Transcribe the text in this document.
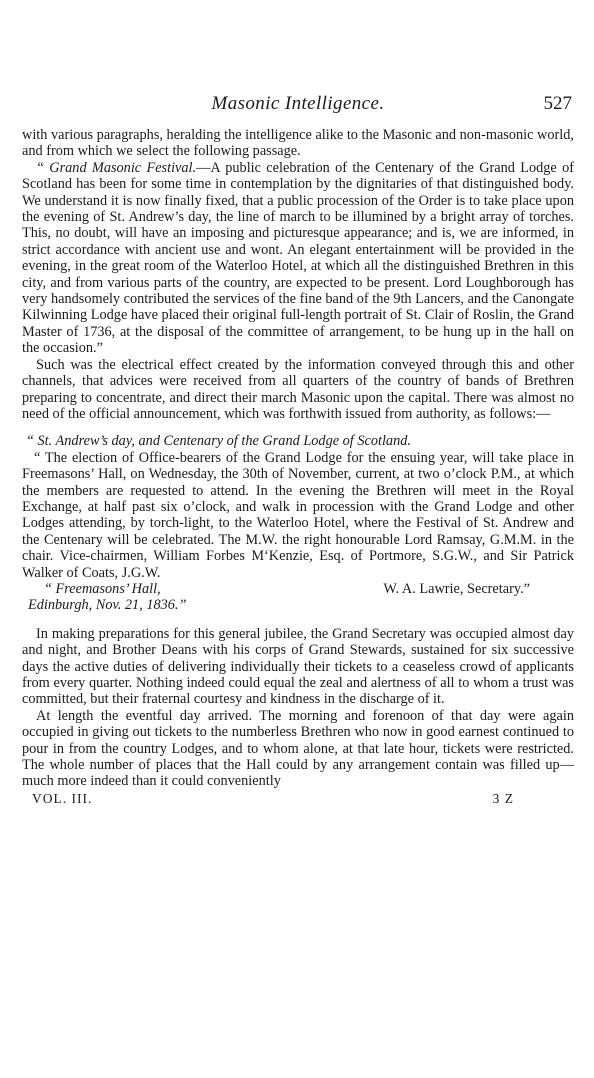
Masonic Intelligence.	527

with various paragraphs, heralding the intelligence alike to the Masonic and non-masonic world, and from which we select the following passage.

“ Grand Masonic Festival.—A public celebration of the Centenary of the Grand Lodge of Scotland has been for some time in contemplation by the dignitaries of that distinguished body. We understand it is now finally fixed, that a public procession of the Order is to take place upon the evening of St. Andrew’s day, the line of march to be illumined by a bright array of torches. This, no doubt, will have an imposing and picturesque appearance; and is, we are informed, in strict accordance with ancient use and wont. An elegant entertainment will be provided in the evening, in the great room of the Waterloo Hotel, at which all the distinguished Brethren in this city, and from various parts of the country, are expected to be present. Lord Loughborough has very handsomely contributed the services of the fine band of the 9th Lancers, and the Canongate Kilwinning Lodge have placed their original full-length portrait of St. Clair of Roslin, the Grand Master of 1736, at the disposal of the committee of arrangement, to be hung up in the hall on the occasion.”

Such was the electrical effect created by the information conveyed through this and other channels, that advices were received from all quarters of the country of bands of Brethren preparing to concentrate, and direct their march Masonic upon the capital. There was almost no need of the official announcement, which was forthwith issued from authority, as follows:—

“ St. Andrew’s day, and Centenary of the Grand Lodge of Scotland.

“ The election of Office-bearers of the Grand Lodge for the ensuing year, will take place in Freemasons’ Hall, on Wednesday, the 30th of November, current, at two o’clock P.M., at which the members are requested to attend. In the evening the Brethren will meet in the Royal Exchange, at half past six o’clock, and walk in procession with the Grand Lodge and other Lodges attending, by torch-light, to the Waterloo Hotel, where the Festival of St. Andrew and the Centenary will be celebrated. The M.W. the right honourable Lord Ramsay, G.M.M. in the chair. Vice-chairmen, William Forbes M‘Kenzie, Esq. of Portmore, S.G.W., and Sir Patrick Walker of Coats, J.G.W.

“ Freemasons’ Hall,	W. A. Lawrie, Secretary.”

Edinburgh, Nov. 21, 1836.”

In making preparations for this general jubilee, the Grand Secretary was occupied almost day and night, and Brother Deans with his corps of Grand Stewards, sustained for six successive days the active duties of delivering individually their tickets to a ceaseless crowd of applicants from every quarter. Nothing indeed could equal the zeal and alertness of all to whom a trust was committed, but their fraternal courtesy and kindness in the discharge of it.

At length the eventful day arrived. The morning and forenoon of that day were again occupied in giving out tickets to the numberless Brethren who now in good earnest continued to pour in from the country Lodges, and to whom alone, at that late hour, tickets were restricted. The whole number of places that the Hall could by any arrangement contain was filled up—much more indeed than it could conveniently

VOL. III.	3 Z
